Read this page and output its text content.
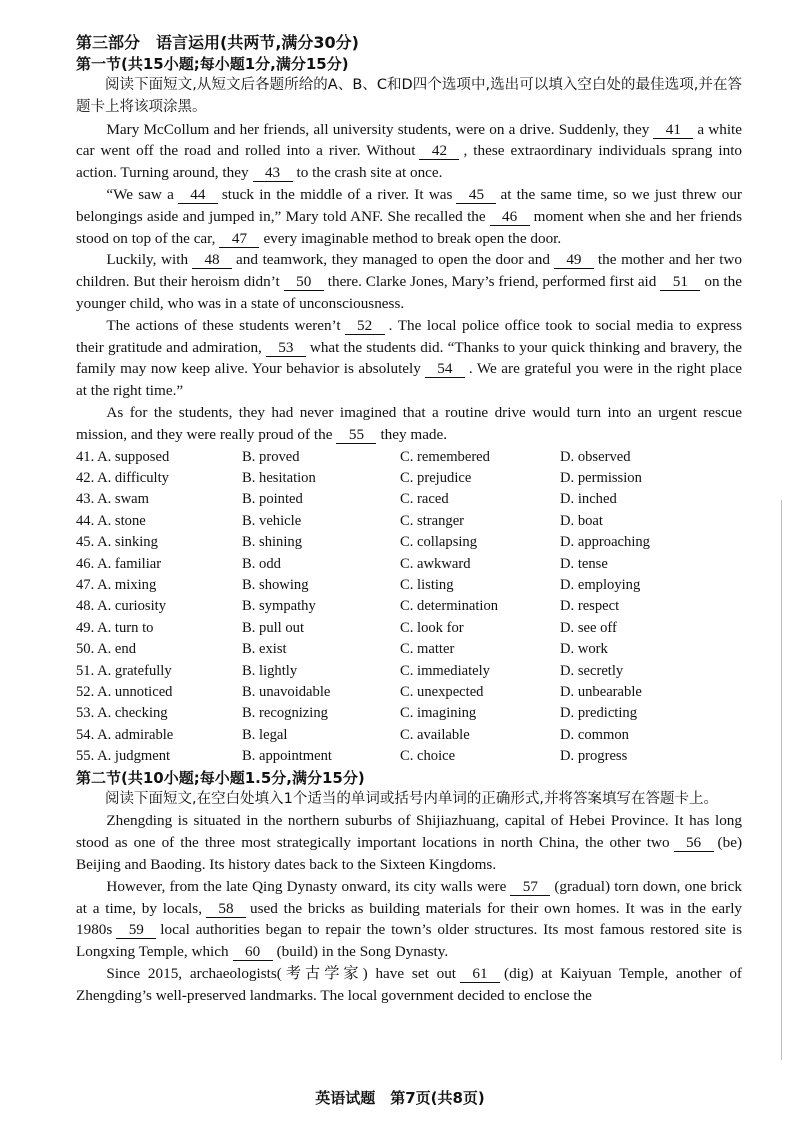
第三部分　语言运用(共两节,满分30分)
第一节(共15小题;每小题1分,满分15分)

阅读下面短文,从短文后各题所给的A、B、C和D四个选项中,选出可以填入空白处的最佳选项,并在答题卡上将该项涂黑。

Mary McCollum and her friends, all university students, were on a drive. Suddenly, they 41 a white car went off the road and rolled into a river. Without 42 , these extraordinary individuals sprang into action. Turning around, they 43 to the crash site at once.

“We saw a 44 stuck in the middle of a river. It was 45 at the same time, so we just threw our belongings aside and jumped in,” Mary told ANF. She recalled the 46 moment when she and her friends stood on top of the car, 47 every imaginable method to break open the door.

Luckily, with 48 and teamwork, they managed to open the door and 49 the mother and her two children. But their heroism didn’t 50 there. Clarke Jones, Mary’s friend, performed first aid 51 on the younger child, who was in a state of unconsciousness.

The actions of these students weren’t 52 . The local police office took to social media to express their gratitude and admiration, 53 what the students did. “Thanks to your quick thinking and bravery, the family may now keep alive. Your behavior is absolutely 54 . We are grateful you were in the right place at the right time.”

As for the students, they had never imagined that a routine drive would turn into an urgent rescue mission, and they were really proud of the 55 they made.

41. A. supposed	B. proved	C. remembered	D. observed
42. A. difficulty	B. hesitation	C. prejudice	D. permission
43. A. swam	B. pointed	C. raced	D. inched
44. A. stone	B. vehicle	C. stranger	D. boat
45. A. sinking	B. shining	C. collapsing	D. approaching
46. A. familiar	B. odd	C. awkward	D. tense
47. A. mixing	B. showing	C. listing	D. employing
48. A. curiosity	B. sympathy	C. determination	D. respect
49. A. turn to	B. pull out	C. look for	D. see off
50. A. end	B. exist	C. matter	D. work
51. A. gratefully	B. lightly	C. immediately	D. secretly
52. A. unnoticed	B. unavoidable	C. unexpected	D. unbearable
53. A. checking	B. recognizing	C. imagining	D. predicting
54. A. admirable	B. legal	C. available	D. common
55. A. judgment	B. appointment	C. choice	D. progress
第二节(共10小题;每小题1.5分,满分15分)

阅读下面短文,在空白处填入1个适当的单词或括号内单词的正确形式,并将答案填写在答题卡上。

Zhengding is situated in the northern suburbs of Shijiazhuang, capital of Hebei Province. It has long stood as one of the three most strategically important locations in north China, the other two 56 (be) Beijing and Baoding. Its history dates back to the Sixteen Kingdoms.

However, from the late Qing Dynasty onward, its city walls were 57 (gradual) torn down, one brick at a time, by locals, 58 used the bricks as building materials for their own homes. It was in the early 1980s 59 local authorities began to repair the town’s older structures. Its most famous restored site is Longxing Temple, which 60 (build) in the Song Dynasty.

Since 2015, archaeologists(考古学家) have set out 61 (dig) at Kaiyuan Temple, another of Zhengding’s well-preserved landmarks. The local government decided to enclose the

英语试题　第7页(共8页)
